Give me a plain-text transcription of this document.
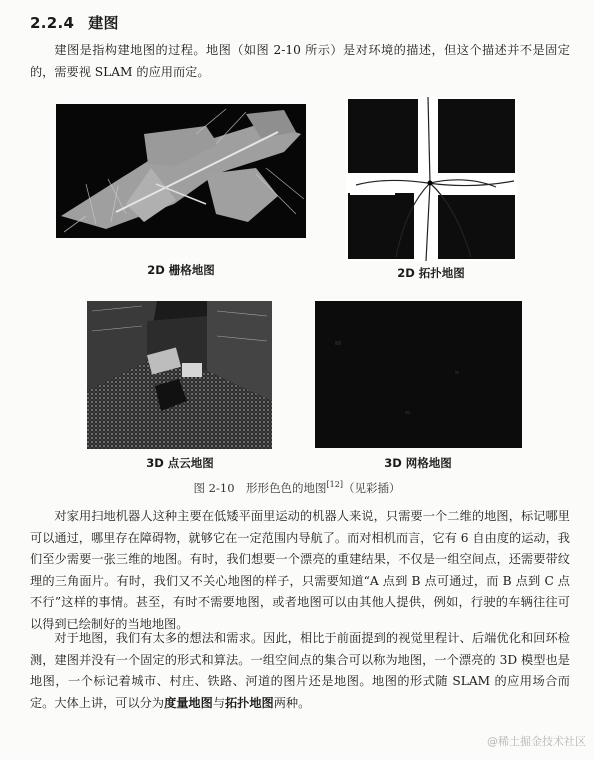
2.2.4 建图

建图是指构建地图的过程。地图（如图 2-10 所示）是对环境的描述，但这个描述并不是固定的，需要视 SLAM 的应用而定。

2D 栅格地图	2D 拓扑地图
3D 点云地图	3D 网格地图
图 2-10　形形色色的地图[12]（见彩插）

对家用扫地机器人这种主要在低矮平面里运动的机器人来说，只需要一个二维的地图，标记哪里可以通过，哪里存在障碍物，就够它在一定范围内导航了。而对相机而言，它有 6 自由度的运动，我们至少需要一张三维的地图。有时，我们想要一个漂亮的重建结果，不仅是一组空间点，还需要带纹理的三角面片。有时，我们又不关心地图的样子，只需要知道“A 点到 B 点可通过，而 B 点到 C 点不行”这样的事情。甚至，有时不需要地图，或者地图可以由其他人提供，例如，行驶的车辆往往可以得到已绘制好的当地地图。

对于地图，我们有太多的想法和需求。因此，相比于前面提到的视觉里程计、后端优化和回环检测，建图并没有一个固定的形式和算法。一组空间点的集合可以称为地图，一个漂亮的 3D 模型也是地图，一个标记着城市、村庄、铁路、河道的图片还是地图。地图的形式随 SLAM 的应用场合而定。大体上讲，可以分为度量地图与拓扑地图两种。

@稀土掘金技术社区
